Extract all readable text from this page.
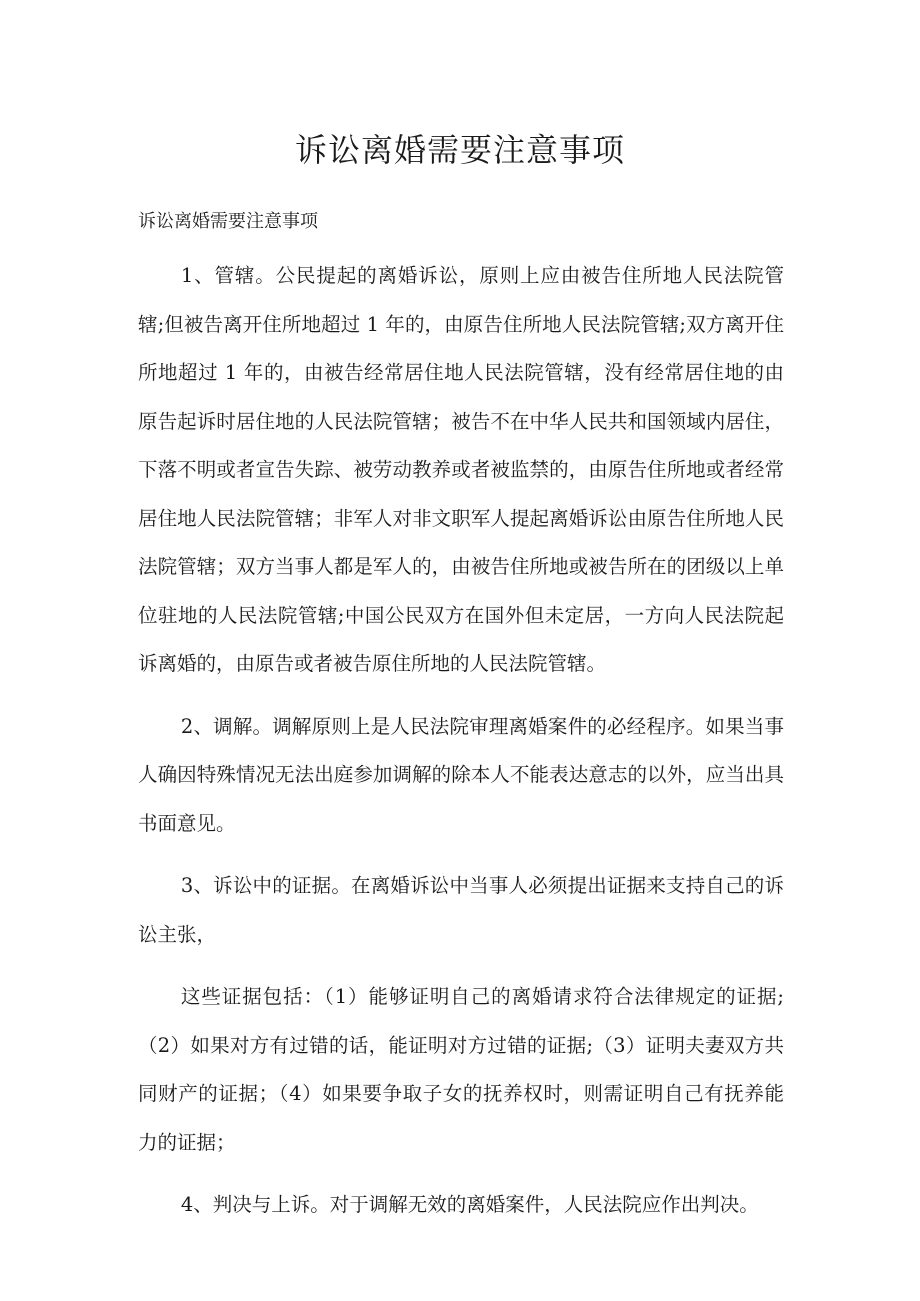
诉讼离婚需要注意事项

诉讼离婚需要注意事项

1、管辖。公民提起的离婚诉讼，原则上应由被告住所地人民法院管辖;但被告离开住所地超过 1 年的，由原告住所地人民法院管辖;双方离开住所地超过 1 年的，由被告经常居住地人民法院管辖，没有经常居住地的由原告起诉时居住地的人民法院管辖；被告不在中华人民共和国领域内居住，下落不明或者宣告失踪、被劳动教养或者被监禁的，由原告住所地或者经常居住地人民法院管辖；非军人对非文职军人提起离婚诉讼由原告住所地人民法院管辖；双方当事人都是军人的，由被告住所地或被告所在的团级以上单位驻地的人民法院管辖;中国公民双方在国外但未定居，一方向人民法院起诉离婚的，由原告或者被告原住所地的人民法院管辖。

2、调解。调解原则上是人民法院审理离婚案件的必经程序。如果当事人确因特殊情况无法出庭参加调解的除本人不能表达意志的以外，应当出具书面意见。

3、诉讼中的证据。在离婚诉讼中当事人必须提出证据来支持自己的诉讼主张，

这些证据包括：（1）能够证明自己的离婚请求符合法律规定的证据;（2）如果对方有过错的话，能证明对方过错的证据;（3）证明夫妻双方共同财产的证据；（4）如果要争取子女的抚养权时，则需证明自己有抚养能力的证据；

4、判决与上诉。对于调解无效的离婚案件，人民法院应作出判决。
